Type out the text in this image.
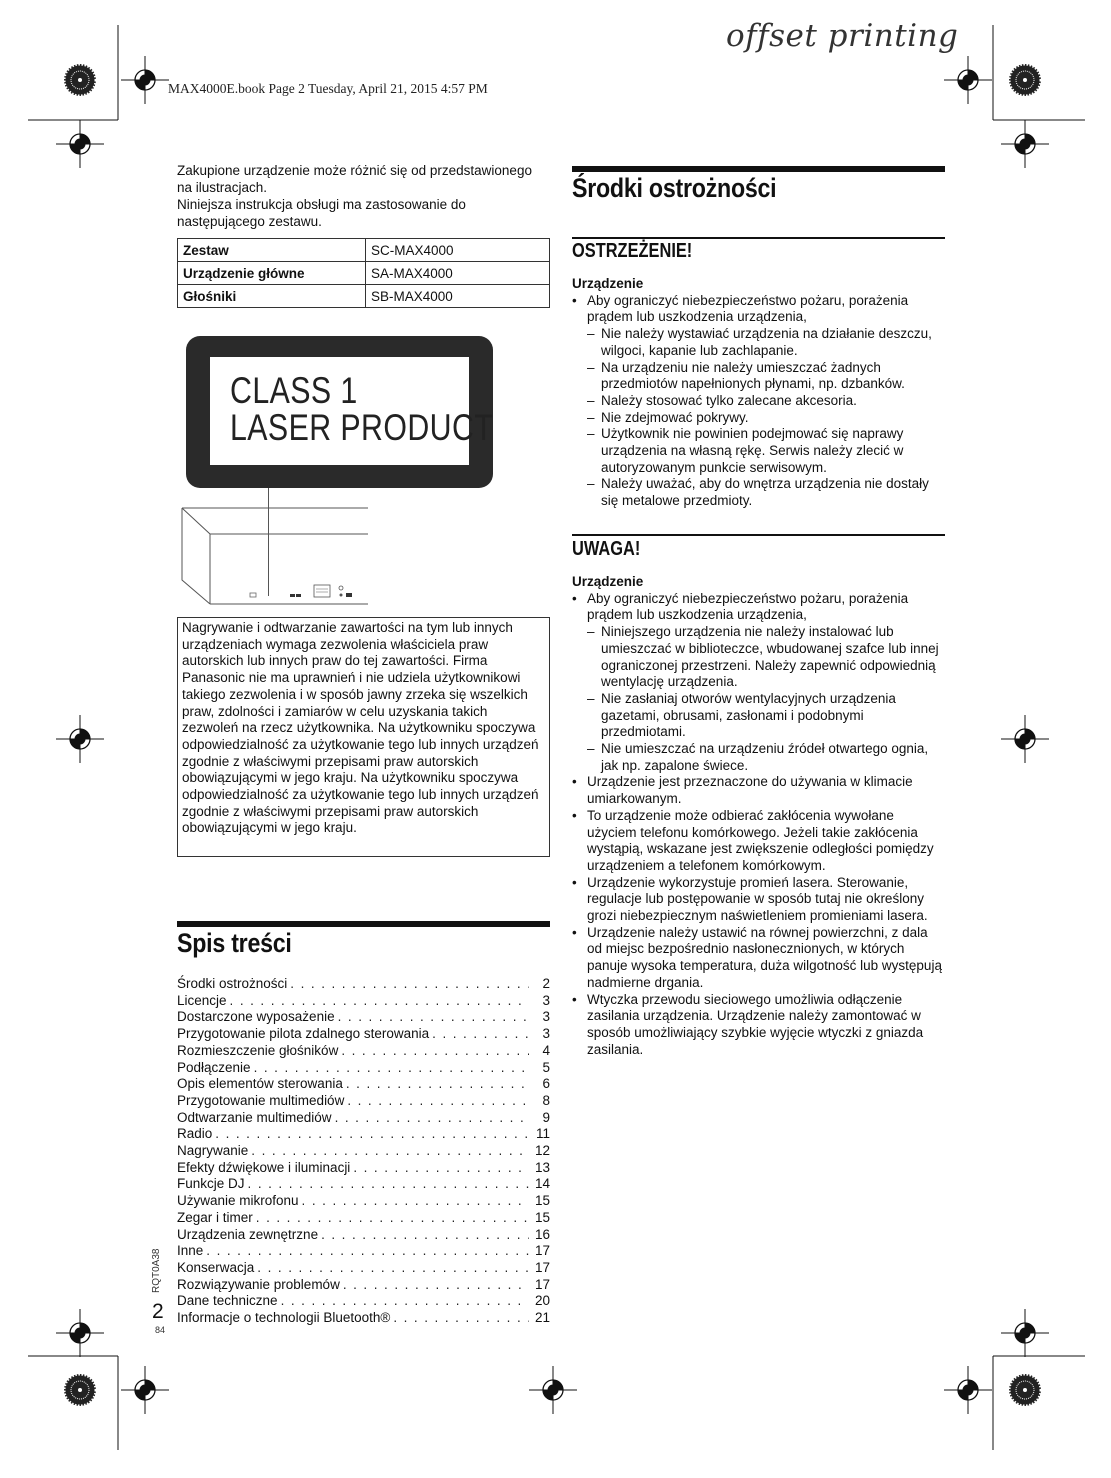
offset printing
MAX4000E.book Page 2 Tuesday, April 21, 2015 4:57 PM

Zakupione urządzenie może różnić się od przedstawionego na ilustracjach.

Niniejsza instrukcja obsługi ma zastosowanie do następującego zestawu.

Zestaw	SC-MAX4000
Urządzenie główne	SA-MAX4000
Głośniki	SB-MAX4000
CLASS 1
LASER PRODUCT
Nagrywanie i odtwarzanie zawartości na tym lub innych urządzeniach wymaga zezwolenia właściciela praw autorskich lub innych praw do tej zawartości. Firma Panasonic nie ma uprawnień i nie udziela użytkownikowi takiego zezwolenia i w sposób jawny zrzeka się wszelkich praw, zdolności i zamiarów w celu uzyskania takich zezwoleń na rzecz użytkownika. Na użytkowniku spoczywa odpowiedzialność za użytkowanie tego lub innych urządzeń zgodnie z właściwymi przepisami praw autorskich obowiązującymi w jego kraju. Na użytkowniku spoczywa odpowiedzialność za użytkowanie tego lub innych urządzeń zgodnie z właściwymi przepisami praw autorskich obowiązującymi w jego kraju.
Spis treści
Środki ostrożności . . .	2
Licencje . . .	3
Dostarczone wyposażenie . . .	3
Przygotowanie pilota zdalnego sterowania . . .	3
Rozmieszczenie głośników . . .	4
Podłączenie . . .	5
Opis elementów sterowania . . .	6
Przygotowanie multimediów . . .	8
Odtwarzanie multimediów . . .	9
Radio . . .	11
Nagrywanie . . .	12
Efekty dźwiękowe i iluminacji . . .	13
Funkcje DJ . . .	14
Używanie mikrofonu . . .	15
Zegar i timer . . .	15
Urządzenia zewnętrzne . . .	16
Inne . . .	17
Konserwacja . . .	17
Rozwiązywanie problemów . . .	17
Dane techniczne . . .	20
Informacje o technologii Bluetooth® . . .	21
RQT0A38
2
84
Środki ostrożności
OSTRZEŻENIE!
Urządzenie
• Aby ograniczyć niebezpieczeństwo pożaru, porażenia prądem lub uszkodzenia urządzenia,
– Nie należy wystawiać urządzenia na działanie deszczu, wilgoci, kapanie lub zachlapanie.
– Na urządzeniu nie należy umieszczać żadnych przedmiotów napełnionych płynami, np. dzbanków.
– Należy stosować tylko zalecane akcesoria.
– Nie zdejmować pokrywy.
– Użytkownik nie powinien podejmować się naprawy urządzenia na własną rękę. Serwis należy zlecić w autoryzowanym punkcie serwisowym.
– Należy uważać, aby do wnętrza urządzenia nie dostały się metalowe przedmioty.
UWAGA!
Urządzenie
• Aby ograniczyć niebezpieczeństwo pożaru, porażenia prądem lub uszkodzenia urządzenia,
– Niniejszego urządzenia nie należy instalować lub umieszczać w biblioteczce, wbudowanej szafce lub innej ograniczonej przestrzeni. Należy zapewnić odpowiednią wentylację urządzenia.
– Nie zasłaniaj otworów wentylacyjnych urządzenia gazetami, obrusami, zasłonami i podobnymi przedmiotami.
– Nie umieszczać na urządzeniu źródeł otwartego ognia, jak np. zapalone świece.
• Urządzenie jest przeznaczone do używania w klimacie umiarkowanym.
• To urządzenie może odbierać zakłócenia wywołane użyciem telefonu komórkowego. Jeżeli takie zakłócenia wystąpią, wskazane jest zwiększenie odległości pomiędzy urządzeniem a telefonem komórkowym.
• Urządzenie wykorzystuje promień lasera. Sterowanie, regulacje lub postępowanie w sposób tutaj nie określony grozi niebezpiecznym naświetleniem promieniami lasera.
• Urządzenie należy ustawić na równej powierzchni, z dala od miejsc bezpośrednio nasłonecznionych, w których panuje wysoka temperatura, duża wilgotność lub występują nadmierne drgania.
• Wtyczka przewodu sieciowego umożliwia odłączenie zasilania urządzenia. Urządzenie należy zamontować w sposób umożliwiający szybkie wyjęcie wtyczki z gniazda zasilania.
